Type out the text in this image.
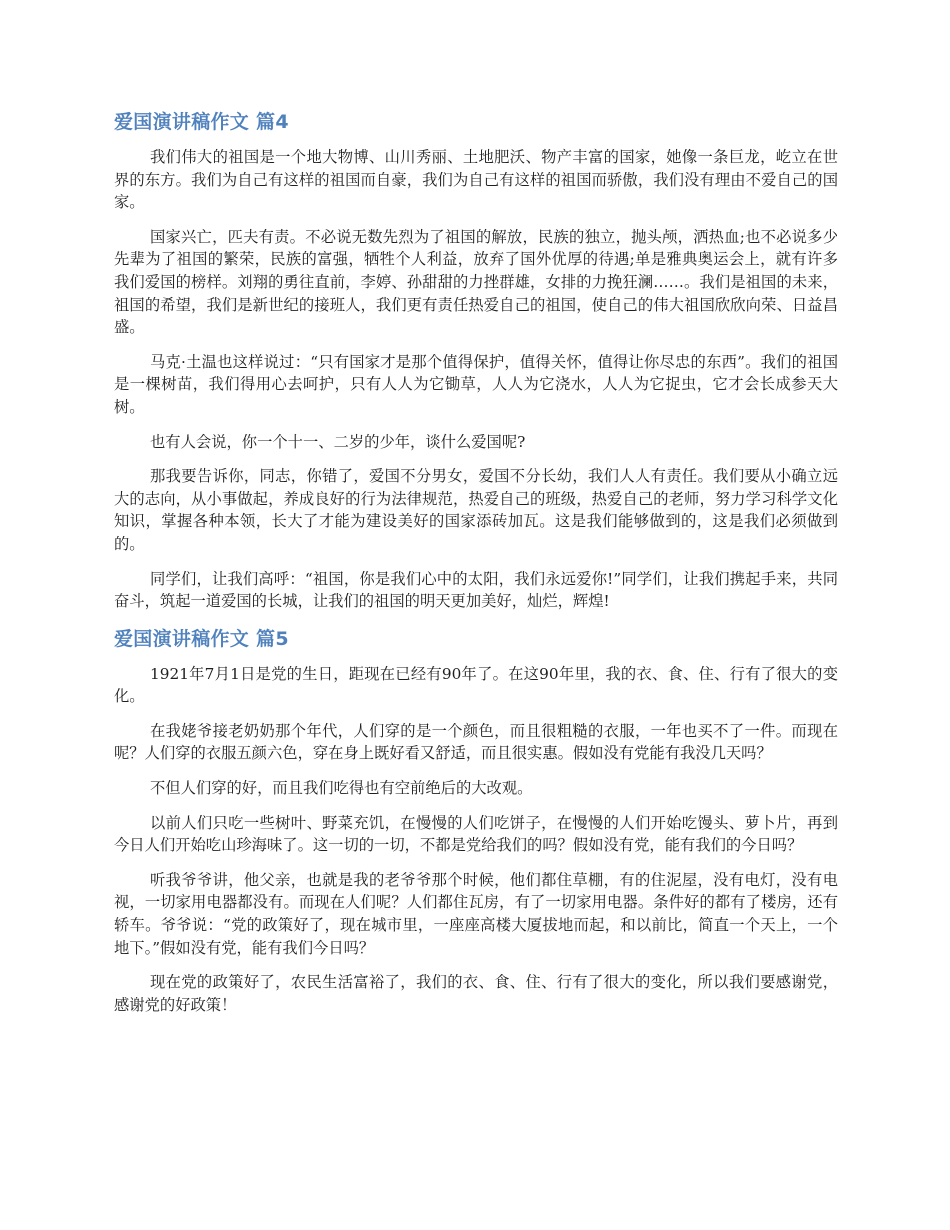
爱国演讲稿作文 篇4

我们伟大的祖国是一个地大物博、山川秀丽、土地肥沃、物产丰富的国家，她像一条巨龙，屹立在世界的东方。我们为自己有这样的祖国而自豪，我们为自己有这样的祖国而骄傲，我们没有理由不爱自己的国家。

国家兴亡，匹夫有责。不必说无数先烈为了祖国的解放，民族的独立，抛头颅，洒热血;也不必说多少先辈为了祖国的繁荣，民族的富强，牺牲个人利益，放弃了国外优厚的待遇;单是雅典奥运会上，就有许多我们爱国的榜样。刘翔的勇往直前，李婷、孙甜甜的力挫群雄，女排的力挽狂澜……。我们是祖国的未来，祖国的希望，我们是新世纪的接班人，我们更有责任热爱自己的祖国，使自己的伟大祖国欣欣向荣、日益昌盛。

马克·土温也这样说过：“只有国家才是那个值得保护，值得关怀，值得让你尽忠的东西”。我们的祖国是一棵树苗，我们得用心去呵护，只有人人为它锄草，人人为它浇水，人人为它捉虫，它才会长成参天大树。

也有人会说，你一个十一、二岁的少年，谈什么爱国呢?

那我要告诉你，同志，你错了，爱国不分男女，爱国不分长幼，我们人人有责任。我们要从小确立远大的志向，从小事做起，养成良好的行为法律规范，热爱自己的班级，热爱自己的老师，努力学习科学文化知识，掌握各种本领，长大了才能为建设美好的国家添砖加瓦。这是我们能够做到的，这是我们必须做到的。

同学们，让我们高呼：“祖国，你是我们心中的太阳，我们永远爱你!”同学们，让我们携起手来，共同奋斗，筑起一道爱国的长城，让我们的祖国的明天更加美好，灿烂，辉煌!

爱国演讲稿作文 篇5

1921年7月1日是党的生日，距现在已经有90年了。在这90年里，我的衣、食、住、行有了很大的变化。

在我姥爷接老奶奶那个年代，人们穿的是一个颜色，而且很粗糙的衣服，一年也买不了一件。而现在呢？人们穿的衣服五颜六色，穿在身上既好看又舒适，而且很实惠。假如没有党能有我没几天吗？

不但人们穿的好，而且我们吃得也有空前绝后的大改观。

以前人们只吃一些树叶、野菜充饥，在慢慢的人们吃饼子，在慢慢的人们开始吃馒头、萝卜片，再到今日人们开始吃山珍海味了。这一切的一切，不都是党给我们的吗？假如没有党，能有我们的今日吗？

听我爷爷讲，他父亲，也就是我的老爷爷那个时候，他们都住草棚，有的住泥屋，没有电灯，没有电视，一切家用电器都没有。而现在人们呢？人们都住瓦房，有了一切家用电器。条件好的都有了楼房，还有轿车。爷爷说：“党的政策好了，现在城市里，一座座高楼大厦拔地而起，和以前比，简直一个天上，一个地下。”假如没有党，能有我们今日吗？

现在党的政策好了，农民生活富裕了，我们的衣、食、住、行有了很大的变化，所以我们要感谢党，感谢党的好政策！
